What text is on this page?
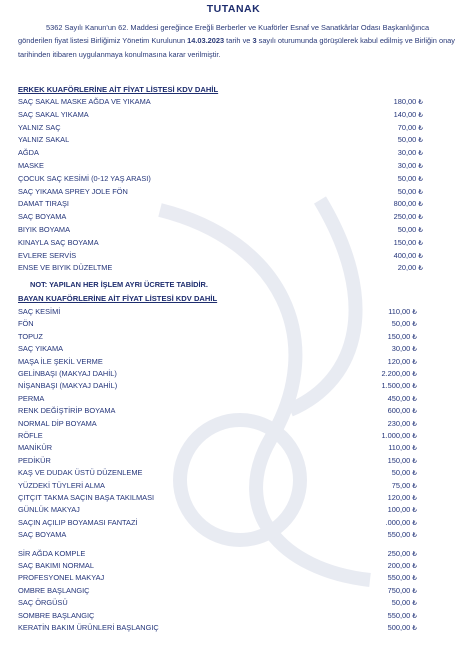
TUTANAK

5362 Sayılı Kanun'un 62. Maddesi gereğince Ereğli Berberler ve Kuaförler Esnaf ve Sanatkârlar Odası Başkanlığınca gönderilen fiyat listesi Birliğimiz Yönetim Kurulunun 14.03.2023 tarih ve 3 sayılı oturumunda görüşülerek kabul edilmiş ve Birliğin onay tarihinden itibaren uygulanmaya konulmasına karar verilmiştir.

ERKEK KUAFÖRLERİNE AİT FİYAT LİSTESİ KDV DAHİL
SAÇ SAKAL MASKE AĞDA VE YIKAMA	180,00 ₺
SAÇ SAKAL YIKAMA	140,00 ₺
YALNIZ SAÇ	70,00 ₺
YALNIZ SAKAL	50,00 ₺
AĞDA	30,00 ₺
MASKE	30,00 ₺
ÇOCUK SAÇ KESİMİ (0-12 YAŞ ARASI)	50,00 ₺
SAÇ YIKAMA SPREY JOLE FÖN	50,00 ₺
DAMAT TIRAŞI	800,00 ₺
SAÇ BOYAMA	250,00 ₺
BIYIK BOYAMA	50,00 ₺
KINAYLA SAÇ BOYAMA	150,00 ₺
EVLERE SERVİS	400,00 ₺
ENSE VE BIYIK DÜZELTME	20,00 ₺
NOT: YAPILAN HER İŞLEM AYRI ÜCRETE TABİDİR.
BAYAN KUAFÖRLERİNE AİT FİYAT LİSTESİ KDV DAHİL
SAÇ KESİMİ	110,00 ₺
FÖN	50,00 ₺
TOPUZ	150,00 ₺
SAÇ YIKAMA	30,00 ₺
MAŞA İLE ŞEKİL VERME	120,00 ₺
GELİNBAŞI (MAKYAJ DAHİL)	2.200,00 ₺
NİŞANBAŞI (MAKYAJ DAHİL)	1.500,00 ₺
PERMA	450,00 ₺
RENK DEĞİŞTİRİP BOYAMA	600,00 ₺
NORMAL DİP BOYAMA	230,00 ₺
RÖFLE	1.000,00 ₺
MANİKÜR	110,00 ₺
PEDİKÜR	150,00 ₺
KAŞ VE DUDAK ÜSTÜ DÜZENLEME	50,00 ₺
YÜZDEKİ TÜYLERİ ALMA	75,00 ₺
ÇITÇIT TAKMA SAÇIN BAŞA TAKILMASI	120,00 ₺
GÜNLÜK MAKYAJ	100,00 ₺
SAÇIN AÇILIP BOYAMASI FANTAZİ	.000,00 ₺
SAÇ BOYAMA	550,00 ₺
SİR AĞDA KOMPLE	250,00 ₺
SAÇ BAKIMI NORMAL	200,00 ₺
PROFESYONEL MAKYAJ	550,00 ₺
OMBRE BAŞLANGIÇ	750,00 ₺
SAÇ ÖRGÜSÜ	50,00 ₺
SOMBRE BAŞLANGIÇ	550,00 ₺
KERATİN BAKIM ÜRÜNLERİ BAŞLANGIÇ	500,00 ₺
